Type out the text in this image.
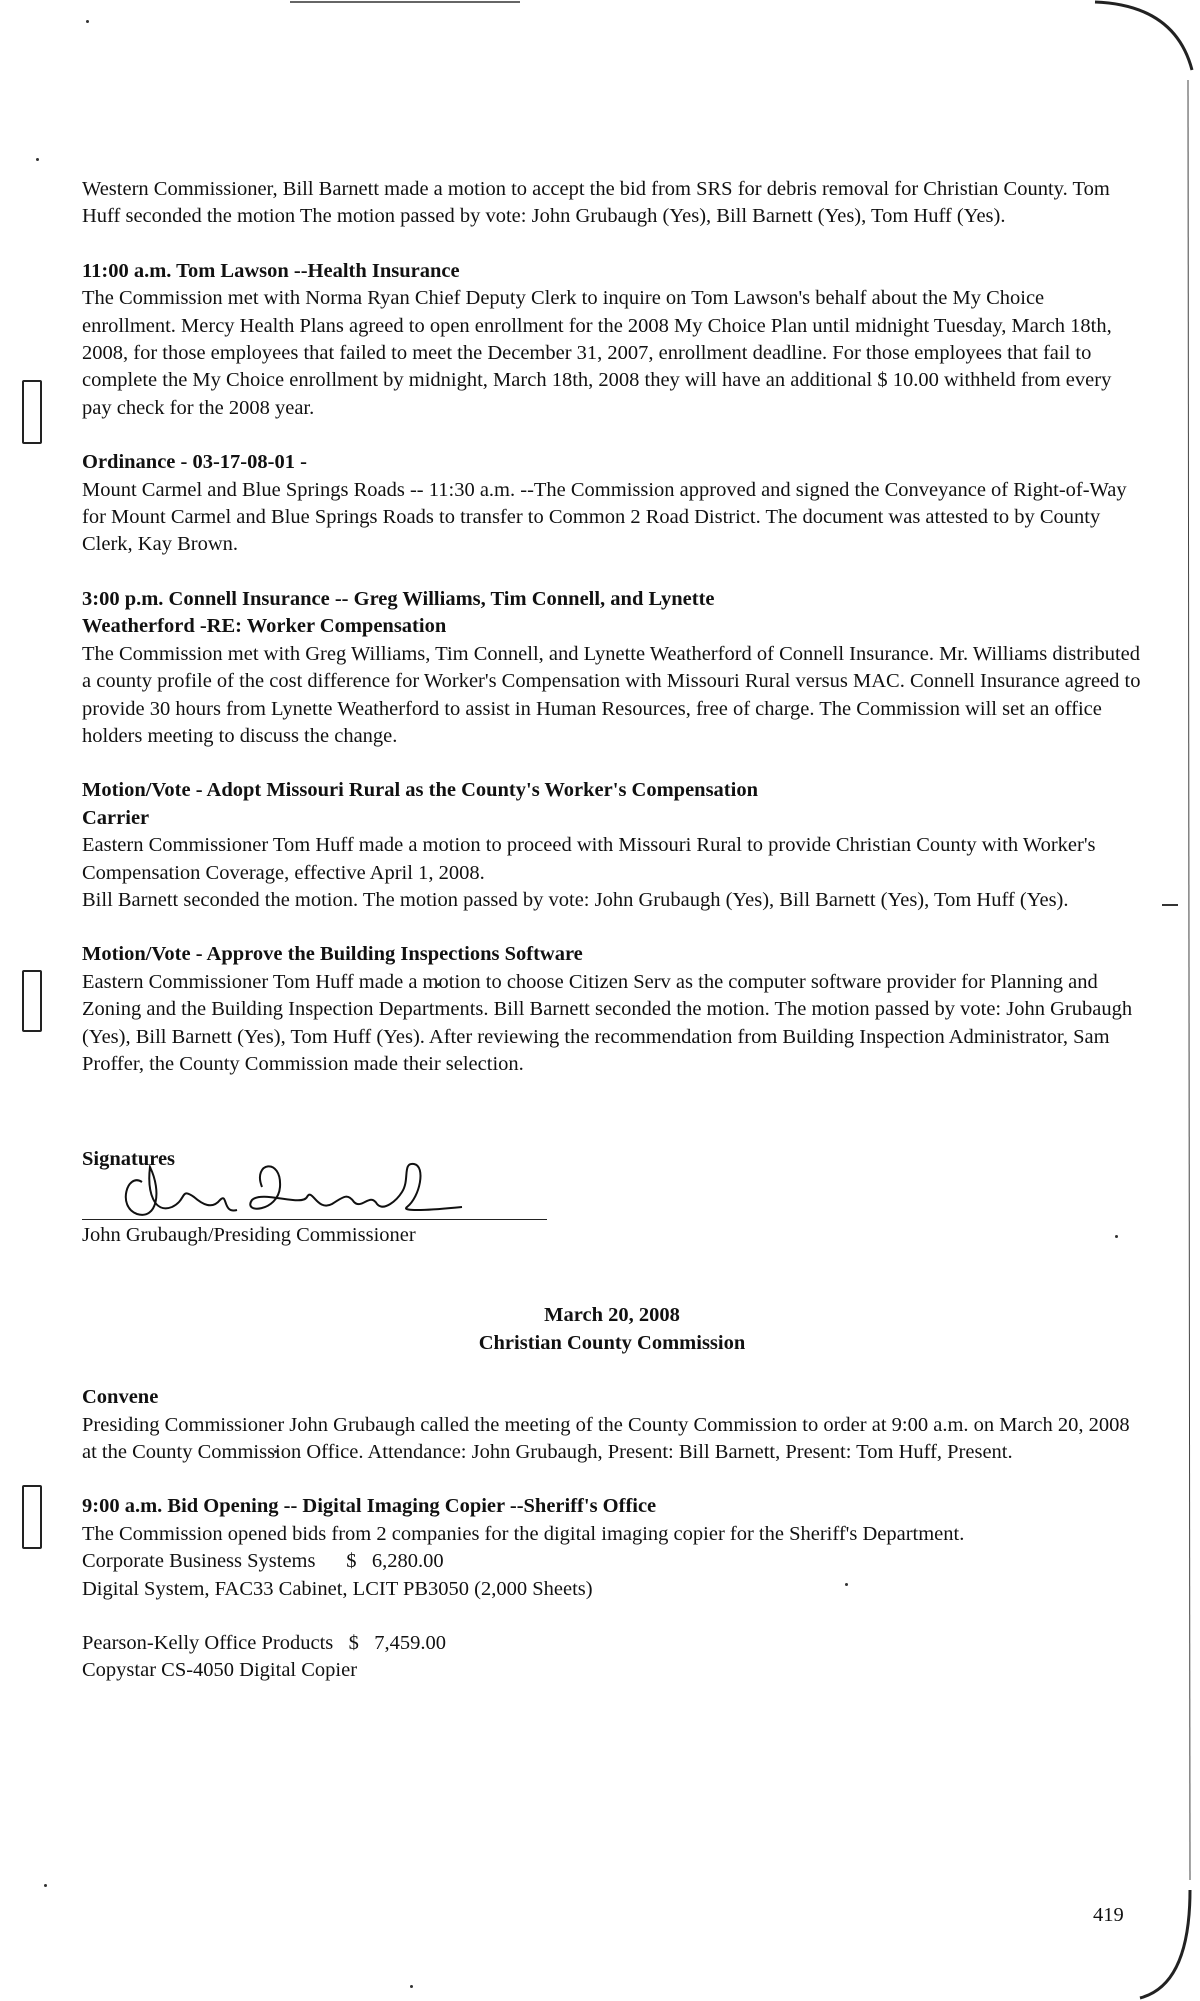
Western Commissioner, Bill Barnett made a motion to accept the bid from SRS for debris removal for Christian County. Tom Huff seconded the motion The motion passed by vote: John Grubaugh (Yes), Bill Barnett (Yes), Tom Huff (Yes).

11:00 a.m. Tom Lawson --Health Insurance

The Commission met with Norma Ryan Chief Deputy Clerk to inquire on Tom Lawson's behalf about the My Choice enrollment. Mercy Health Plans agreed to open enrollment for the 2008 My Choice Plan until midnight Tuesday, March 18th, 2008, for those employees that failed to meet the December 31, 2007, enrollment deadline. For those employees that fail to complete the My Choice enrollment by midnight, March 18th, 2008 they will have an additional $ 10.00 withheld from every pay check for the 2008 year.

Ordinance - 03-17-08-01 -

Mount Carmel and Blue Springs Roads -- 11:30 a.m. --The Commission approved and signed the Conveyance of Right-of-Way for Mount Carmel and Blue Springs Roads to transfer to Common 2 Road District. The document was attested to by County Clerk, Kay Brown.

3:00 p.m. Connell Insurance -- Greg Williams, Tim Connell, and Lynette

Weatherford -RE: Worker Compensation

The Commission met with Greg Williams, Tim Connell, and Lynette Weatherford of Connell Insurance. Mr. Williams distributed a county profile of the cost difference for Worker's Compensation with Missouri Rural versus MAC. Connell Insurance agreed to provide 30 hours from Lynette Weatherford to assist in Human Resources, free of charge. The Commission will set an office holders meeting to discuss the change.

Motion/Vote - Adopt Missouri Rural as the County's Worker's Compensation

Carrier

Eastern Commissioner Tom Huff made a motion to proceed with Missouri Rural to provide Christian County with Worker's Compensation Coverage, effective April 1, 2008.

Bill Barnett seconded the motion. The motion passed by vote: John Grubaugh (Yes), Bill Barnett (Yes), Tom Huff (Yes).

Motion/Vote - Approve the Building Inspections Software

Eastern Commissioner Tom Huff made a motion to choose Citizen Serv as the computer software provider for Planning and Zoning and the Building Inspection Departments. Bill Barnett seconded the motion. The motion passed by vote: John Grubaugh (Yes), Bill Barnett (Yes), Tom Huff (Yes). After reviewing the recommendation from Building Inspection Administrator, Sam Proffer, the County Commission made their selection.

Signatures

John Grubaugh/Presiding Commissioner

March 20, 2008

Christian County Commission

Convene

Presiding Commissioner John Grubaugh called the meeting of the County Commission to order at 9:00 a.m. on March 20, 2008 at the County Commission Office. Attendance: John Grubaugh, Present: Bill Barnett, Present: Tom Huff, Present.

9:00 a.m. Bid Opening -- Digital Imaging Copier --Sheriff's Office

The Commission opened bids from 2 companies for the digital imaging copier for the Sheriff's Department.

Corporate Business Systems $   6,280.00

Digital System, FAC33 Cabinet, LCIT PB3050 (2,000 Sheets)

Pearson-Kelly Office Products $   7,459.00

Copystar CS-4050 Digital Copier

419
